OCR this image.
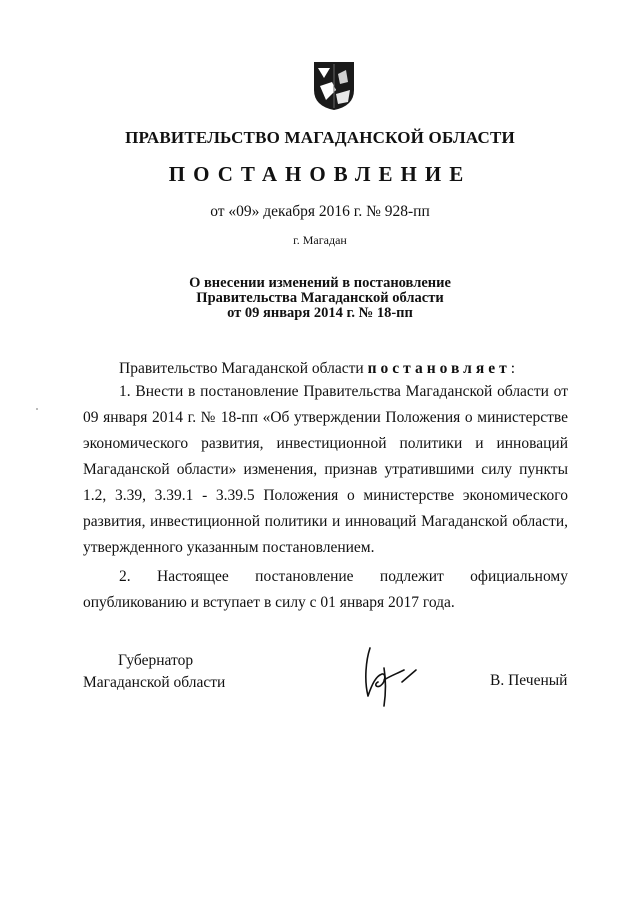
ПРАВИТЕЛЬСТВО МАГАДАНСКОЙ ОБЛАСТИ
ПОСТАНОВЛЕНИЕ
от «09» декабря 2016 г. № 928-пп
г. Магадан
О внесении изменений в постановление
Правительства Магаданской области
от 09 января 2014 г. № 18-пп
Правительство Магаданской области постановляет:
1. Внести в постановление Правительства Магаданской области от 09 января 2014 г. № 18-пп «Об утверждении Положения о министерстве экономического развития, инвестиционной политики и инноваций Магаданской области» изменения, признав утратившими силу пункты 1.2, 3.39, 3.39.1 - 3.39.5 Положения о министерстве экономического развития, инвестиционной политики и инноваций Магаданской области, утвержденного указанным постановлением.
2. Настоящее постановление подлежит официальному опубликованию и вступает в силу с 01 января 2017 года.
Губернатор
Магаданской области	В. Печеный
